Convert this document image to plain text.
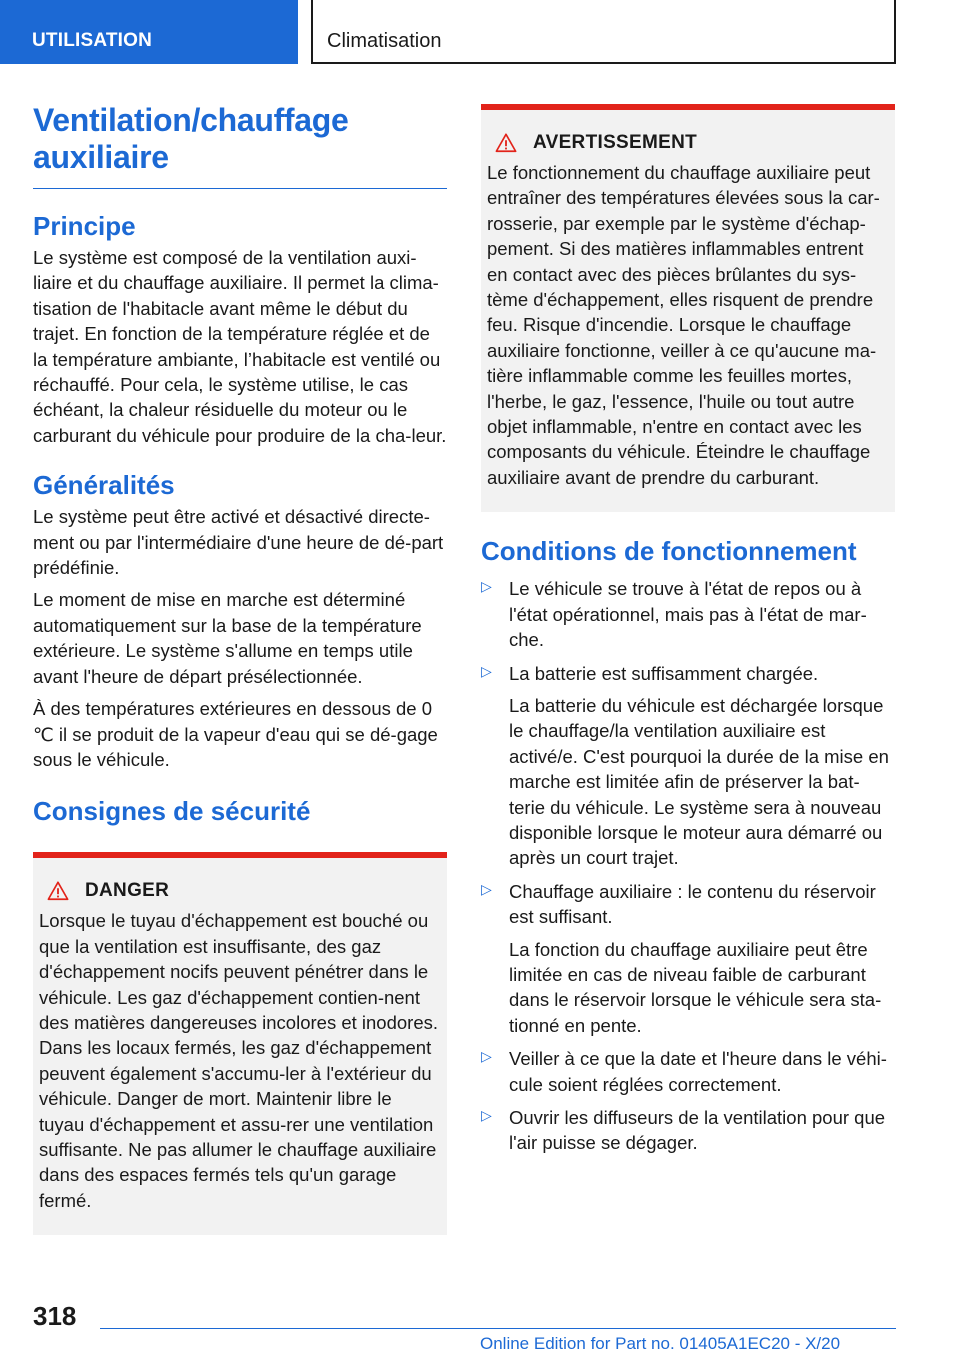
UTILISATION	Climatisation
Ventilation/chauffage auxiliaire
Principe

Le système est composé de la ventilation auxi-liaire et du chauffage auxiliaire. Il permet la clima-tisation de l'habitacle avant même le début du trajet. En fonction de la température réglée et de la température ambiante, l’habitacle est ventilé ou réchauffé. Pour cela, le système utilise, le cas échéant, la chaleur résiduelle du moteur ou le carburant du véhicule pour produire de la cha-leur.

Généralités

Le système peut être activé et désactivé directe-ment ou par l'intermédiaire d'une heure de dé-part prédéfinie.

Le moment de mise en marche est déterminé automatiquement sur la base de la température extérieure. Le système s'allume en temps utile avant l'heure de départ présélectionnée.

À des températures extérieures en dessous de 0 ℃ il se produit de la vapeur d'eau qui se dé-gage sous le véhicule.

Consignes de sécurité
DANGER

Lorsque le tuyau d'échappement est bouché ou que la ventilation est insuffisante, des gaz d'échappement nocifs peuvent pénétrer dans le véhicule. Les gaz d'échappement contien-nent des matières dangereuses incolores et inodores. Dans les locaux fermés, les gaz d'échappement peuvent également s'accumu-ler à l'extérieur du véhicule. Danger de mort. Maintenir libre le tuyau d'échappement et assu-rer une ventilation suffisante. Ne pas allumer le chauffage auxiliaire dans des espaces fermés tels qu'un garage fermé.

AVERTISSEMENT

Le fonctionnement du chauffage auxiliaire peut entraîner des températures élevées sous la car-rosserie, par exemple par le système d'échap-pement. Si des matières inflammables entrent en contact avec des pièces brûlantes du sys-tème d'échappement, elles risquent de prendre feu. Risque d'incendie. Lorsque le chauffage auxiliaire fonctionne, veiller à ce qu'aucune ma-tière inflammable comme les feuilles mortes, l'herbe, le gaz, l'essence, l'huile ou tout autre objet inflammable, n'entre en contact avec les composants du véhicule. Éteindre le chauffage auxiliaire avant de prendre du carburant.

Conditions de fonctionnement
▷ Le véhicule se trouve à l'état de repos ou à l'état opérationnel, mais pas à l'état de mar-che.

▷ La batterie est suffisamment chargée.

La batterie du véhicule est déchargée lorsque le chauffage/la ventilation auxiliaire est activé/e. C'est pourquoi la durée de la mise en marche est limitée afin de préserver la bat-terie du véhicule. Le système sera à nouveau disponible lorsque le moteur aura démarré ou après un court trajet.

▷ Chauffage auxiliaire : le contenu du réservoir est suffisant.

La fonction du chauffage auxiliaire peut être limitée en cas de niveau faible de carburant dans le réservoir lorsque le véhicule sera sta-tionné en pente.

▷ Veiller à ce que la date et l'heure dans le véhi-cule soient réglées correctement.

▷ Ouvrir les diffuseurs de la ventilation pour que l'air puisse se dégager.

318
Online Edition for Part no. 01405A1EC20 - X/20
